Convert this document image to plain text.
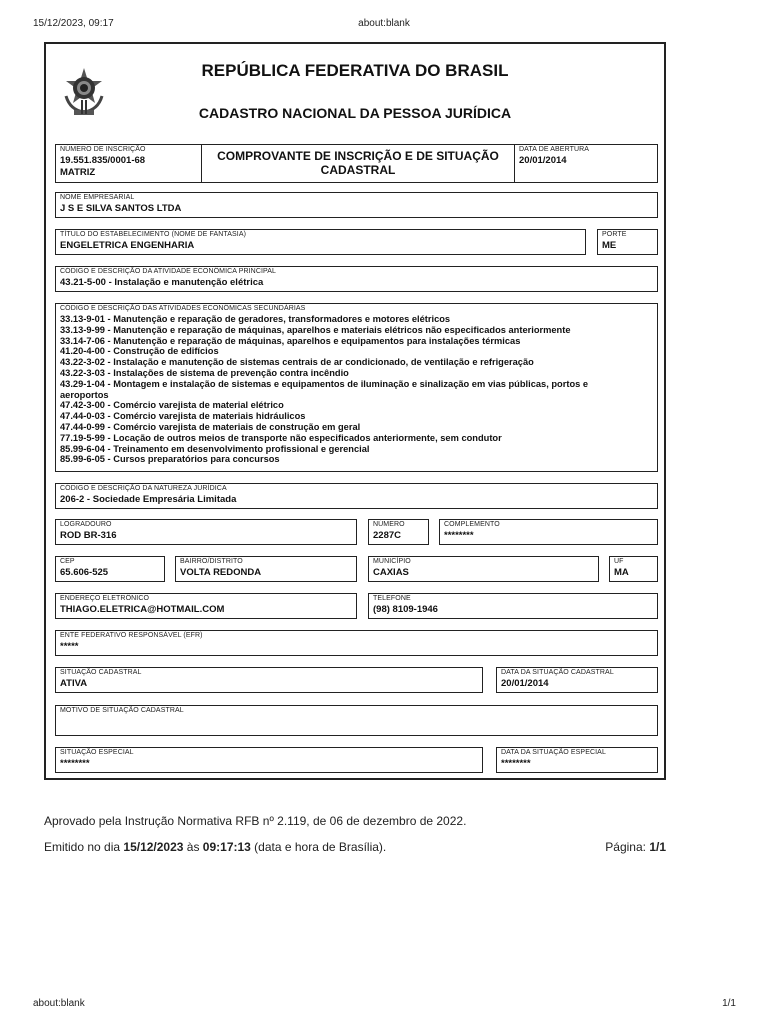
15/12/2023, 09:17	about:blank
REPÚBLICA FEDERATIVA DO BRASIL
CADASTRO NACIONAL DA PESSOA JURÍDICA
NÚMERO DE INSCRIÇÃO
19.551.835/0001-68
MATRIZ
COMPROVANTE DE INSCRIÇÃO E DE SITUAÇÃO
CADASTRAL
DATA DE ABERTURA
20/01/2014
NOME EMPRESARIAL
J S E SILVA SANTOS LTDA
TÍTULO DO ESTABELECIMENTO (NOME DE FANTASIA)
ENGELETRICA ENGENHARIA
PORTE
ME
CÓDIGO E DESCRIÇÃO DA ATIVIDADE ECONÔMICA PRINCIPAL
43.21-5-00 - Instalação e manutenção elétrica
CÓDIGO E DESCRIÇÃO DAS ATIVIDADES ECONÔMICAS SECUNDÁRIAS
33.13-9-01 - Manutenção e reparação de geradores, transformadores e motores elétricos
33.13-9-99 - Manutenção e reparação de máquinas, aparelhos e materiais elétricos não especificados anteriormente
33.14-7-06 - Manutenção e reparação de máquinas, aparelhos e equipamentos para instalações térmicas
41.20-4-00 - Construção de edifícios
43.22-3-02 - Instalação e manutenção de sistemas centrais de ar condicionado, de ventilação e refrigeração
43.22-3-03 - Instalações de sistema de prevenção contra incêndio
43.29-1-04 - Montagem e instalação de sistemas e equipamentos de iluminação e sinalização em vias públicas, portos e
aeroportos
47.42-3-00 - Comércio varejista de material elétrico
47.44-0-03 - Comércio varejista de materiais hidráulicos
47.44-0-99 - Comércio varejista de materiais de construção em geral
77.19-5-99 - Locação de outros meios de transporte não especificados anteriormente, sem condutor
85.99-6-04 - Treinamento em desenvolvimento profissional e gerencial
85.99-6-05 - Cursos preparatórios para concursos
CÓDIGO E DESCRIÇÃO DA NATUREZA JURÍDICA
206-2 - Sociedade Empresária Limitada
LOGRADOURO
ROD BR-316
NÚMERO
2287C
COMPLEMENTO
********
CEP
65.606-525
BAIRRO/DISTRITO
VOLTA REDONDA
MUNICÍPIO
CAXIAS
UF
MA
ENDEREÇO ELETRÔNICO
THIAGO.ELETRICA@HOTMAIL.COM
TELEFONE
(98) 8109-1946
ENTE FEDERATIVO RESPONSÁVEL (EFR)
*****
SITUAÇÃO CADASTRAL
ATIVA
DATA DA SITUAÇÃO CADASTRAL
20/01/2014
MOTIVO DE SITUAÇÃO CADASTRAL
SITUAÇÃO ESPECIAL
********
DATA DA SITUAÇÃO ESPECIAL
********
Aprovado pela Instrução Normativa RFB nº 2.119, de 06 de dezembro de 2022.
Emitido no dia 15/12/2023 às 09:17:13 (data e hora de Brasília).	Página: 1/1
about:blank	1/1
